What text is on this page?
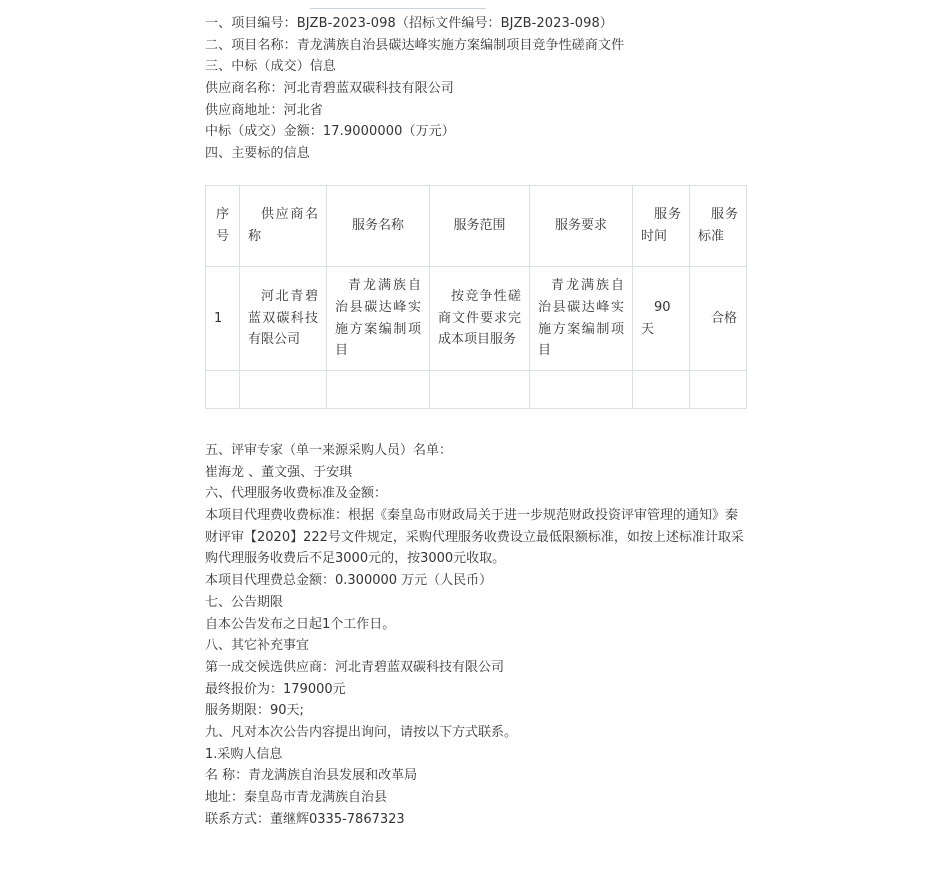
一、项目编号：BJZB-2023-098（招标文件编号：BJZB-2023-098）
二、项目名称：青龙满族自治县碳达峰实施方案编制项目竞争性磋商文件
三、中标（成交）信息
供应商名称：河北青碧蓝双碳科技有限公司
供应商地址：河北省
中标（成交）金额：17.9000000（万元）
四、主要标的信息
序号	供应商名称	服务名称	服务范围	服务要求	服务时间	服务标准
1	河北青碧蓝双碳科技有限公司	青龙满族自治县碳达峰实施方案编制项目	按竞争性磋商文件要求完成本项目服务	青龙满族自治县碳达峰实施方案编制项目	90天	合格

五、评审专家（单一来源采购人员）名单：
崔海龙 、董文强、于安琪
六、代理服务收费标准及金额：
本项目代理费收费标准：根据《秦皇岛市财政局关于进一步规范财政投资评审管理的通知》秦财评审【2020】222号文件规定，采购代理服务收费设立最低限额标准，如按上述标准计取采购代理服务收费后不足3000元的，按3000元收取。
本项目代理费总金额：0.300000 万元（人民币）
七、公告期限
自本公告发布之日起1个工作日。
八、其它补充事宜
第一成交候选供应商：河北青碧蓝双碳科技有限公司
最终报价为：179000元
服务期限：90天;
九、凡对本次公告内容提出询问，请按以下方式联系。
1.采购人信息
名 称：青龙满族自治县发展和改革局
地址：秦皇岛市青龙满族自治县
联系方式：董继辉0335-7867323
